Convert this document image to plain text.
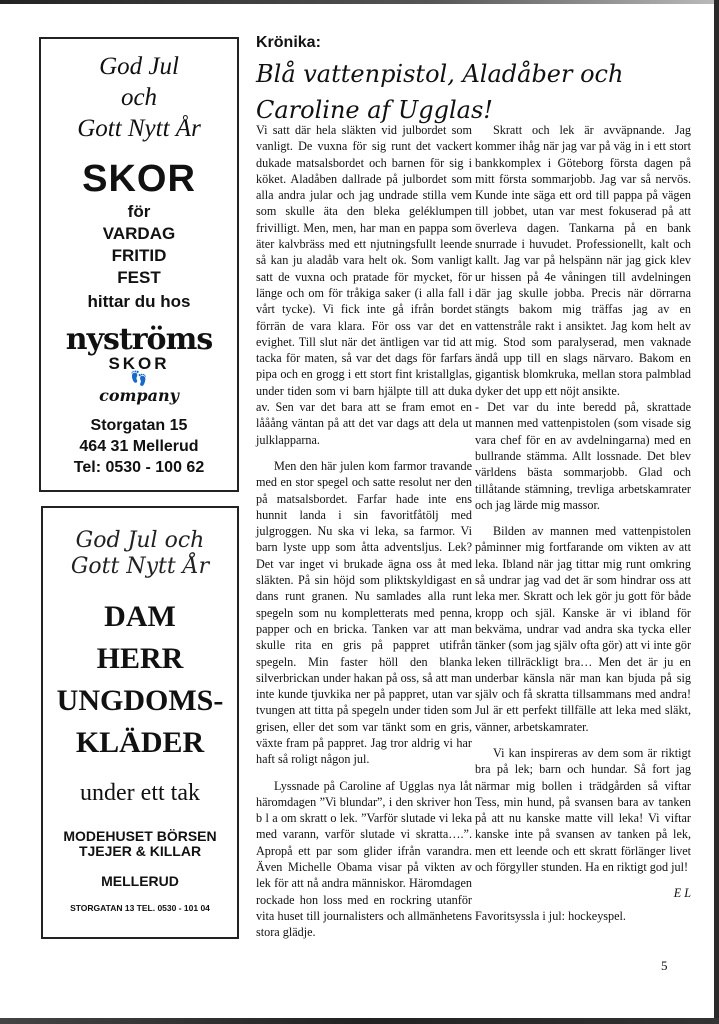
God Jul
och
Gott Nytt År
SKOR
för
VARDAG
FRITID
FEST
hittar du hos
nyströms
SKOR
👣
company
Storgatan 15
464 31 Mellerud
Tel: 0530 - 100 62
God Jul och
Gott Nytt År
DAM
HERR
UNGDOMS-
KLÄDER
under ett tak
MODEHUSET BÖRSEN
TJEJER & KILLAR
MELLERUD
STORGATAN 13 TEL. 0530 - 101 04
Krönika:
Blå vattenpistol, Aladåber och Caroline af Ugglas!

Vi satt där hela släkten vid julbordet som vanligt. De vuxna för sig runt det vackert dukade matsalsbordet och barnen för sig i köket. Aladåben dallrade på julbordet som alla andra jular och jag undrade stilla vem som skulle äta den bleka geléklumpen frivilligt. Men, men, har man en pappa som äter kalvbräss med ett njutningsfullt leende så kan ju aladåb vara helt ok. Som vanligt satt de vuxna och pratade för mycket, för länge och om för tråkiga saker (i alla fall i vårt tycke). Vi fick inte gå ifrån bordet förrän de vara klara. För oss var det en evighet. Till slut när det äntligen var tid att tacka för maten, så var det dags för farfars pipa och en grogg i ett stort fint kristallglas, under tiden som vi barn hjälpte till att duka av. Sen var det bara att se fram emot en lååång väntan på att det var dags att dela ut julklapparna.

Men den här julen kom farmor travande med en stor spegel och satte resolut ner den på matsalsbordet. Farfar hade inte ens hunnit landa i sin favoritfåtölj med julgroggen. Nu ska vi leka, sa farmor. Vi barn lyste upp som åtta adventsljus. Lek? Det var inget vi brukade ägna oss åt med släkten. På sin höjd som pliktskyldigast en dans runt granen. Nu samlades alla runt spegeln som nu kompletterats med penna, papper och en bricka. Tanken var att man skulle rita en gris på pappret utifrån spegeln. Min faster höll den blanka silverbrickan under hakan på oss, så att man inte kunde tjuvkika ner på pappret, utan var tvungen att titta på spegeln under tiden som grisen, eller det som var tänkt som en gris, växte fram på pappret. Jag tror aldrig vi har haft så roligt någon jul.

Lyssnade på Caroline af Ugglas nya låt häromdagen ”Vi blundar”, i den skriver hon b l a om skratt o lek. ”Varför slutade vi leka med varann, varför slutade vi skratta….”. Apropå ett par som glider ifrån varandra. Även Michelle Obama visar på vikten av lek för att nå andra människor. Häromdagen rockade hon loss med en rockring utanför vita huset till journalisters och allmänhetens stora glädje.

Skratt och lek är avväpnande. Jag kommer ihåg när jag var på väg in i ett stort bankkomplex i Göteborg första dagen på mitt första sommarjobb. Jag var så nervös. Kunde inte säga ett ord till pappa på vägen till jobbet, utan var mest fokuserad på att överleva dagen. Tankarna på en bank snurrade i huvudet. Professionellt, kalt och kallt. Jag var på helspänn när jag gick klev ur hissen på 4e våningen till avdelningen där jag skulle jobba. Precis när dörrarna stängts bakom mig träffas jag av en vattenstråle rakt i ansiktet. Jag kom helt av mig. Stod som paralyserad, men vaknade ändå upp till en slags närvaro. Bakom en gigantisk blomkruka, mellan stora palmblad dyker det upp ett nöjt ansikte.

- Det var du inte beredd på, skrattade mannen med vattenpistolen (som visade sig vara chef för en av avdelningarna) med en bullrande stämma. Allt lossnade. Det blev världens bästa sommarjobb. Glad och tillåtande stämning, trevliga arbetskamrater och jag lärde mig massor.

Bilden av mannen med vattenpistolen påminner mig fortfarande om vikten av att leka. Ibland när jag tittar mig runt omkring så undrar jag vad det är som hindrar oss att leka mer. Skratt och lek gör ju gott för både kropp och själ. Kanske är vi ibland för bekväma, undrar vad andra ska tycka eller tänker (som jag själv ofta gör) att vi inte gör leken tillräckligt bra… Men det är ju en underbar känsla när man kan bjuda på sig själv och få skratta tillsammans med andra! Jul är ett perfekt tillfälle att leka med släkt, vänner, arbetskamrater.

Vi kan inspireras av dem som är riktigt bra på lek; barn och hundar. Så fort jag närmar mig bollen i trädgården så viftar Tess, min hund, på svansen bara av tanken på att nu kanske matte vill leka! Vi viftar kanske inte på svansen av tanken på lek, men ett leende och ett skratt förlänger livet och förgyller stunden. Ha en riktigt god jul!

E L

Favoritsyssla i jul: hockeyspel.

5
